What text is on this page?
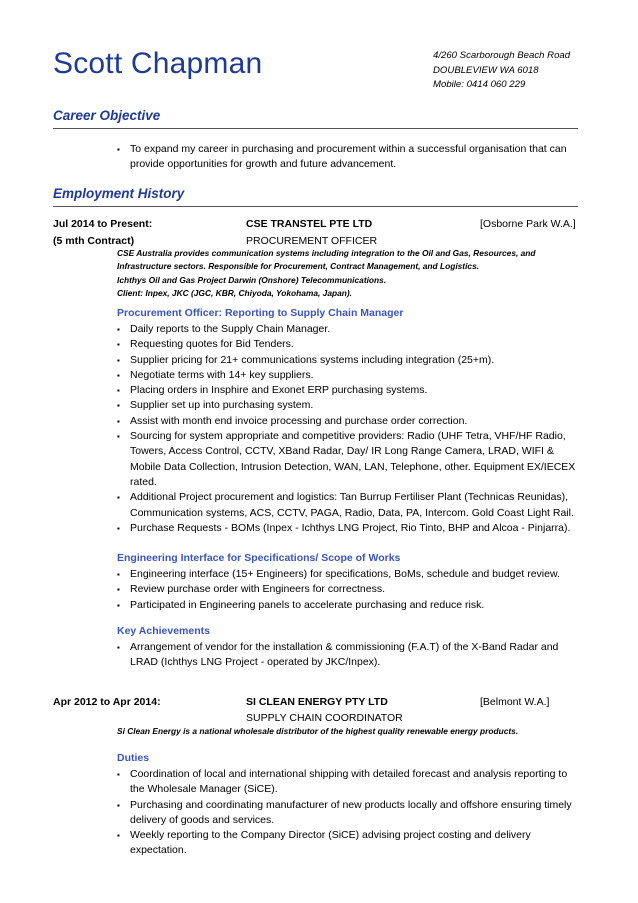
Scott Chapman	4/260 Scarborough Beach Road
DOUBLEVIEW WA 6018
Mobile: 0414 060 229
Career Objective
▪ To expand my career in purchasing and procurement within a successful organisation that can provide opportunities for growth and future advancement.
Employment History
Jul 2014 to Present:	CSE TRANSTEL PTE LTD	[Osborne Park W.A.]
(5 mth Contract)	PROCUREMENT OFFICER
CSE Australia provides communication systems including integration to the Oil and Gas, Resources, and Infrastructure sectors. Responsible for Procurement, Contract Management, and Logistics.
Ichthys Oil and Gas Project Darwin (Onshore) Telecommunications.
Client: Inpex, JKC (JGC, KBR, Chiyoda, Yokohama, Japan).
Procurement Officer: Reporting to Supply Chain Manager
▪ Daily reports to the Supply Chain Manager.
▪ Requesting quotes for Bid Tenders.
▪ Supplier pricing for 21+ communications systems including integration (25+m).
▪ Negotiate terms with 14+ key suppliers.
▪ Placing orders in Insphire and Exonet ERP purchasing systems.
▪ Supplier set up into purchasing system.
▪ Assist with month end invoice processing and purchase order correction.
▪ Sourcing for system appropriate and competitive providers: Radio (UHF Tetra, VHF/HF Radio, Towers, Access Control, CCTV, XBand Radar, Day/ IR Long Range Camera, LRAD, WIFI & Mobile Data Collection, Intrusion Detection, WAN, LAN, Telephone, other. Equipment EX/IECEX rated.
▪ Additional Project procurement and logistics: Tan Burrup Fertiliser Plant (Technicas Reunidas), Communication systems, ACS, CCTV, PAGA, Radio, Data, PA, Intercom. Gold Coast Light Rail.
▪ Purchase Requests - BOMs (Inpex - Ichthys LNG Project, Rio Tinto, BHP and Alcoa - Pinjarra).
Engineering Interface for Specifications/ Scope of Works
▪ Engineering interface (15+ Engineers) for specifications, BoMs, schedule and budget review.
▪ Review purchase order with Engineers for correctness.
▪ Participated in Engineering panels to accelerate purchasing and reduce risk.
Key Achievements
▪ Arrangement of vendor for the installation & commissioning (F.A.T) of the X-Band Radar and LRAD (Ichthys LNG Project - operated by JKC/Inpex).
Apr 2012 to Apr 2014:	SI CLEAN ENERGY PTY LTD	[Belmont W.A.]
SUPPLY CHAIN COORDINATOR
Si Clean Energy is a national wholesale distributor of the highest quality renewable energy products.
Duties
▪ Coordination of local and international shipping with detailed forecast and analysis reporting to the Wholesale Manager (SiCE).
▪ Purchasing and coordinating manufacturer of new products locally and offshore ensuring timely delivery of goods and services.
▪ Weekly reporting to the Company Director (SiCE) advising project costing and delivery expectation.
